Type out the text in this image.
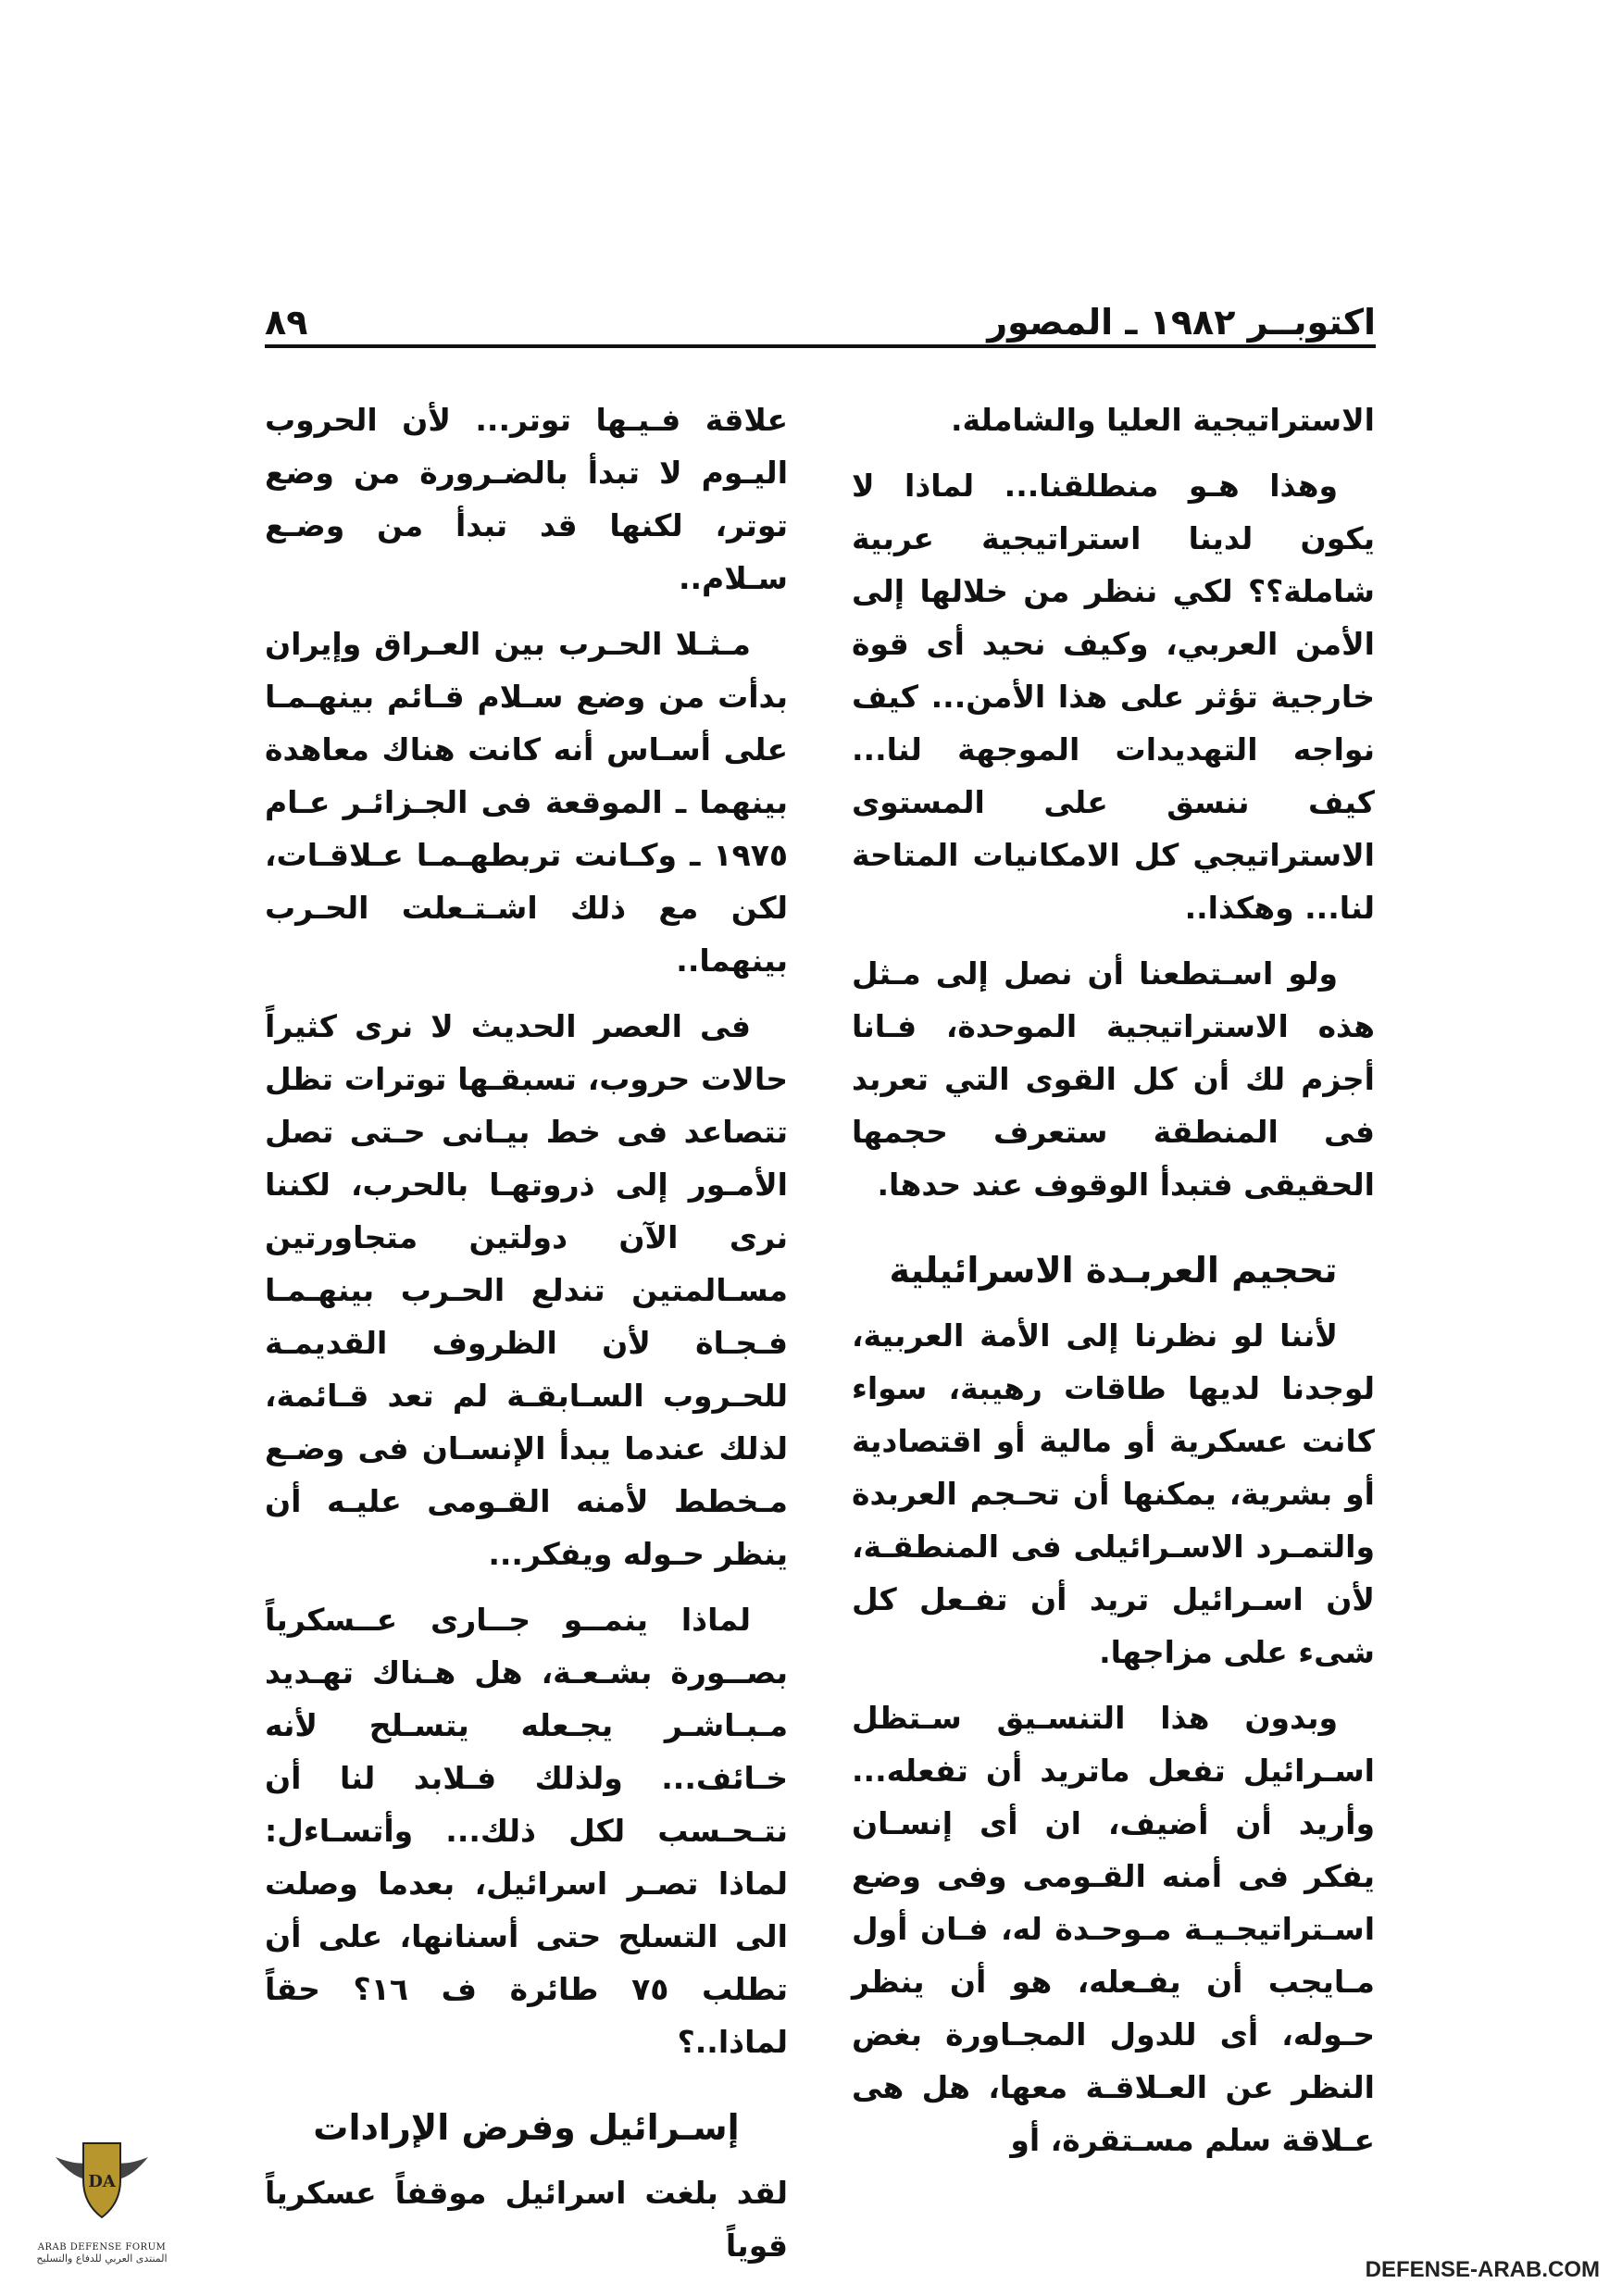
اكتوبــر ١٩٨٢ ـ المصور
٨٩

الاستراتيجية العليا والشاملة.

وهذا هـو منطلقنا... لماذا لا يكون لدينا استراتيجية عربية شاملة؟؟ لكي ننظر من خلالها إلى الأمن العربي، وكيف نحيد أى قوة خارجية تؤثر على هذا الأمن... كيف نواجه التهديدات الموجهة لنا... كيف ننسق على المستوى الاستراتيجي كل الامكانيات المتاحة لنا... وهكذا..

ولو اسـتطعنا أن نصل إلى مـثل هذه الاستراتيجية الموحدة، فـانا أجزم لك أن كل القوى التي تعربد فى المنطقة ستعرف حجمها الحقيقى فتبدأ الوقوف عند حدها.

تحجيم العربـدة الاسرائيلية

لأننا لو نظرنا إلى الأمة العربية، لوجدنا لديها طاقات رهيبة، سواء كانت عسكرية أو مالية أو اقتصادية أو بشرية، يمكنها أن تحـجم العربدة والتمـرد الاسـرائيلى فى المنطقـة، لأن اسـرائيل تريد أن تفـعل كل شىء على مزاجها.

وبدون هذا التنسـيق سـتظل اسـرائيل تفعل ماتريد أن تفعله... وأريد أن أضيف، ان أى إنسـان يفكر فى أمنه القـومى وفى وضع اسـتراتيجـيـة مـوحـدة له، فـان أول مـايجب أن يفـعله، هو أن ينظر حـوله، أى للدول المجـاورة بغض النظر عن العـلاقـة معها، هل هى عـلاقة سلم مسـتقرة، أو

علاقة فـيـها توتر... لأن الحروب اليـوم لا تبدأ بالضـرورة من وضع توتر، لكنها قد تبدأ من وضـع سـلام..

مـثـلا الحـرب بين العـراق وإيران بدأت من وضع سـلام قـائم بينهـمـا على أسـاس أنه كانت هناك معاهدة بينهما ـ الموقعة فى الجـزائـر عـام ١٩٧٥ ـ وكـانت تربطهـمـا عـلاقـات، لكن مع ذلك اشـتـعلت الحـرب بينهما..

فى العصر الحديث لا نرى كثيراً حالات حروب، تسبقـها توترات تظل تتصاعد فى خط بيـانى حـتى تصل الأمـور إلى ذروتهـا بالحرب، لكننا نرى الآن دولتين متجاورتين مسـالمتين تندلع الحـرب بينهـمـا فـجـاة لأن الظروف القديمـة للحـروب السـابقـة لم تعد قـائمة، لذلك عندما يبدأ الإنسـان فى وضـع مـخطط لأمنه القـومى عليـه أن ينظر حـوله ويفكر...

لماذا ينمــو جــارى عــسكرياً بصــورة بشـعـة، هل هـناك تهـديد مـبـاشـر يجـعله يتسـلح لأنه خـائف... ولذلك فـلابد لنا أن نتـحـسب لكل ذلك... وأتسـاءل: لماذا تصـر اسرائيل، بعدما وصلت الى التسلح حتى أسنانها، على أن تطلب ٧٥ طائرة ف ١٦؟ حقاً لماذا..؟

إسـرائيل وفرض الإرادات

لقد بلغت اسرائيل موقفاً عسكرياً قوياً

DA
ARAB DEFENSE FORUM
المنتدى العربي للدفاع والتسليح	DEFENSE-ARAB.COM
